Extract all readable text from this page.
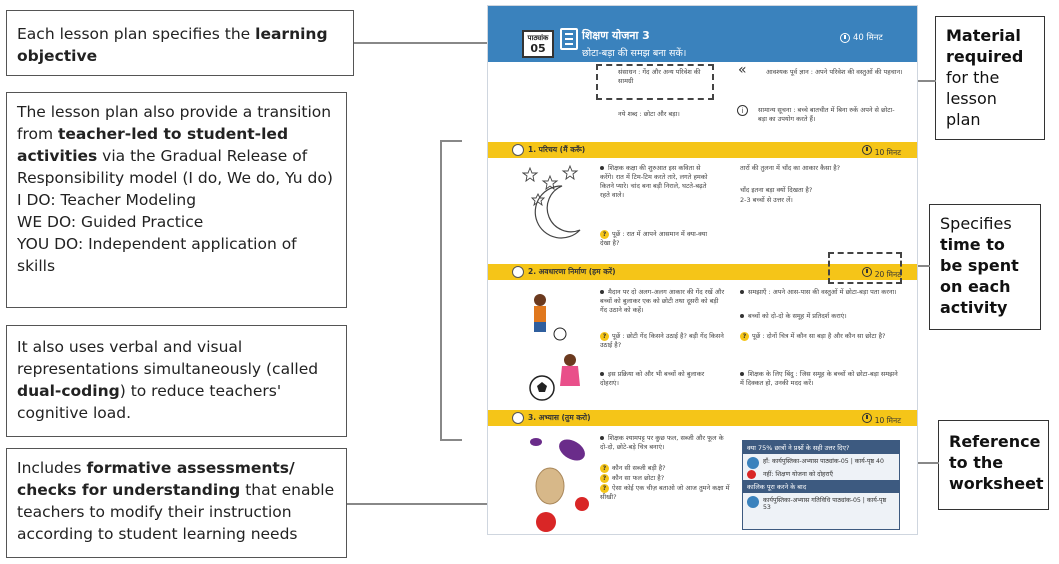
Each lesson plan specifies the learning objective
The lesson plan also provide a transition from teacher-led to student-led activities via the Gradual Release of Responsibility model (I do, We do, Yu do)
I DO: Teacher Modeling
WE DO: Guided Practice
YOU DO: Independent application of skills
It also uses verbal and visual representations simultaneously (called dual-coding) to reduce teachers' cognitive load.
Includes formative assessments/ checks for understanding that enable teachers to modify their instruction according to student learning needs
Material required
for the lesson plan
Specifies time to be spent on each activity
Reference to the worksheet
पाठ्यांक
05
शिक्षण योजना 3
छोटा-बड़ा की समझ बना सकें।
40 मिनट
संसाधन : गेंद और अन्य परिवेश की सामग्री
आवश्यक पूर्व ज्ञान : अपने परिवेश की वस्तुओं की पहचान।
«
नये शब्द : छोटा और बड़ा।	i	सामान्य सूचना : बच्चे बातचीत में बिना रुकें अपने से छोटा-बड़ा का उपयोग करते हैं।
1. परिचय (मैं करूँ)	10 मिनट
शिक्षक कक्षा की शुरुआत इस कविता से करेंगे। रात में टिम-टिम करते तारे, लगते हमको कितने प्यारे। चांद बना बड़ी निराले, घटते-बढ़ते रहते वाले।
? पूछें : रात में आपने आसमान में क्या-क्या देखा है?
तारों की तुलना में चाँद का आकार कैसा है?
चाँद इतना बड़ा क्यों दिखता है?
2-3 बच्चों से उत्तर लें।
2. अवधारणा निर्माण (हम करें)	20 मिनट
मैदान पर दो अलग-अलग आकार की गेंद रखें और बच्चों को बुलाकर एक को छोटी तथा दूसरी को बड़ी गेंद उठाने को कहें।
? पूछें : छोटी गेंद किसने उठाई है? बड़ी गेंद किसने उठाई है?
इस प्रक्रिया को और भी बच्चों को बुलाकर दोहराएं।
समझाएँ : अपने आस-पास की वस्तुओं में छोटा-बड़ा पता करना।
बच्चों को दो-दो के समूह में प्रतिदर्श कराएं।
? पूछें : दोनों चित्र में कौन सा बड़ा है और कौन सा छोटा है?
शिक्षक के लिए बिंदु : जिस समूह के बच्चों को छोटा-बड़ा समझने में दिक्कत हो, उनकी मदद करें।
3. अभ्यास (तुम करो)	10 मिनट
शिक्षक श्यामपट्ट पर कुछ फल, सब्जी और फूल के दो-दो, छोटे-बड़े चित्र बनाएं।
? कौन सी सब्जी बड़ी है?
? कौन सा फल छोटा है?
? ऐसा कोई एक चीज़ बताओ जो आज तुमने कक्षा में सीखी?
क्या 75% छात्रों ने प्रश्नों के सही उत्तर दिए?
हाँ: कार्यपुस्तिका-अभ्यास पाठ्यांक-05 | कार्य-पृष्ठ 40
नहीं: शिक्षण योजना को दोहराएँ
कालिक पूरा करने के बाद
कार्यपुस्तिका-अभ्यास गतिविधि पाठ्यांक-05 | कार्य-पृष्ठ 53
